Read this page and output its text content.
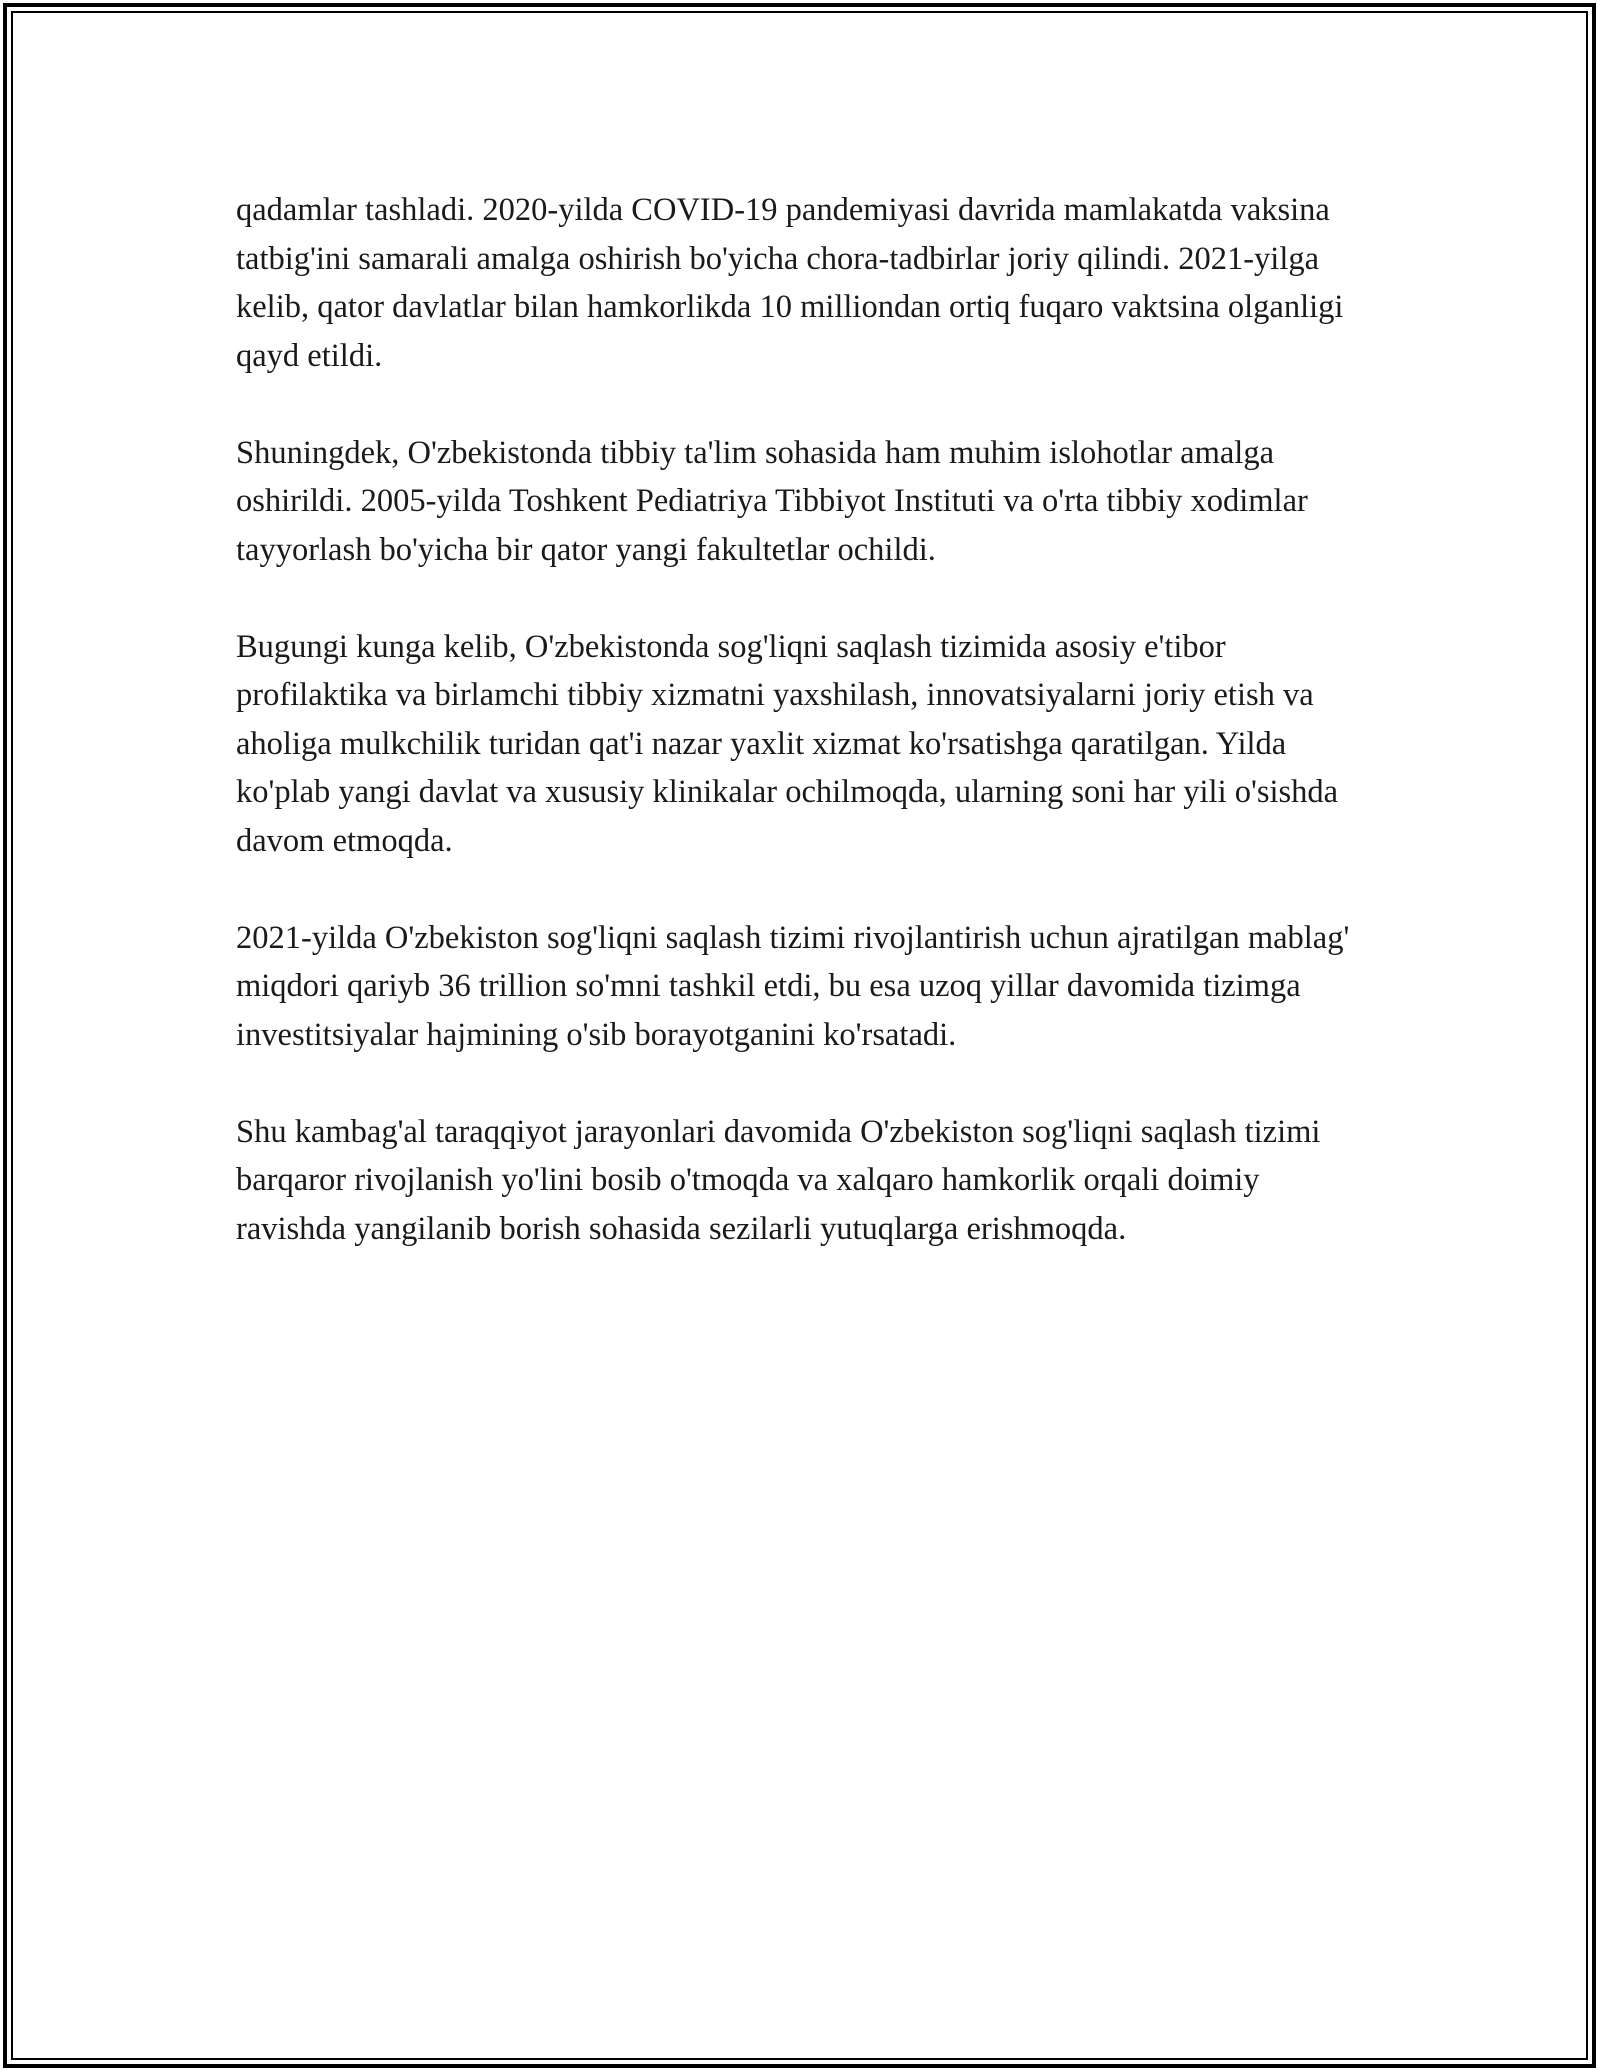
qadamlar tashladi. 2020-yilda COVID-19 pandemiyasi davrida mamlakatda vaksina tatbig'ini samarali amalga oshirish bo'yicha chora-tadbirlar joriy qilindi. 2021-yilga kelib, qator davlatlar bilan hamkorlikda 10 milliondan ortiq fuqaro vaktsina olganligi qayd etildi.

Shuningdek, O'zbekistonda tibbiy ta'lim sohasida ham muhim islohotlar amalga oshirildi. 2005-yilda Toshkent Pediatriya Tibbiyot Instituti va o'rta tibbiy xodimlar tayyorlash bo'yicha bir qator yangi fakultetlar ochildi.

Bugungi kunga kelib, O'zbekistonda sog'liqni saqlash tizimida asosiy e'tibor profilaktika va birlamchi tibbiy xizmatni yaxshilash, innovatsiyalarni joriy etish va aholiga mulkchilik turidan qat'i nazar yaxlit xizmat ko'rsatishga qaratilgan. Yilda ko'plab yangi davlat va xususiy klinikalar ochilmoqda, ularning soni har yili o'sishda davom etmoqda.

2021-yilda O'zbekiston sog'liqni saqlash tizimi rivojlantirish uchun ajratilgan mablag' miqdori qariyb 36 trillion so'mni tashkil etdi, bu esa uzoq yillar davomida tizimga investitsiyalar hajmining o'sib borayotganini ko'rsatadi.

Shu kambag'al taraqqiyot jarayonlari davomida O'zbekiston sog'liqni saqlash tizimi barqaror rivojlanish yo'lini bosib o'tmoqda va xalqaro hamkorlik orqali doimiy ravishda yangilanib borish sohasida sezilarli yutuqlarga erishmoqda.
